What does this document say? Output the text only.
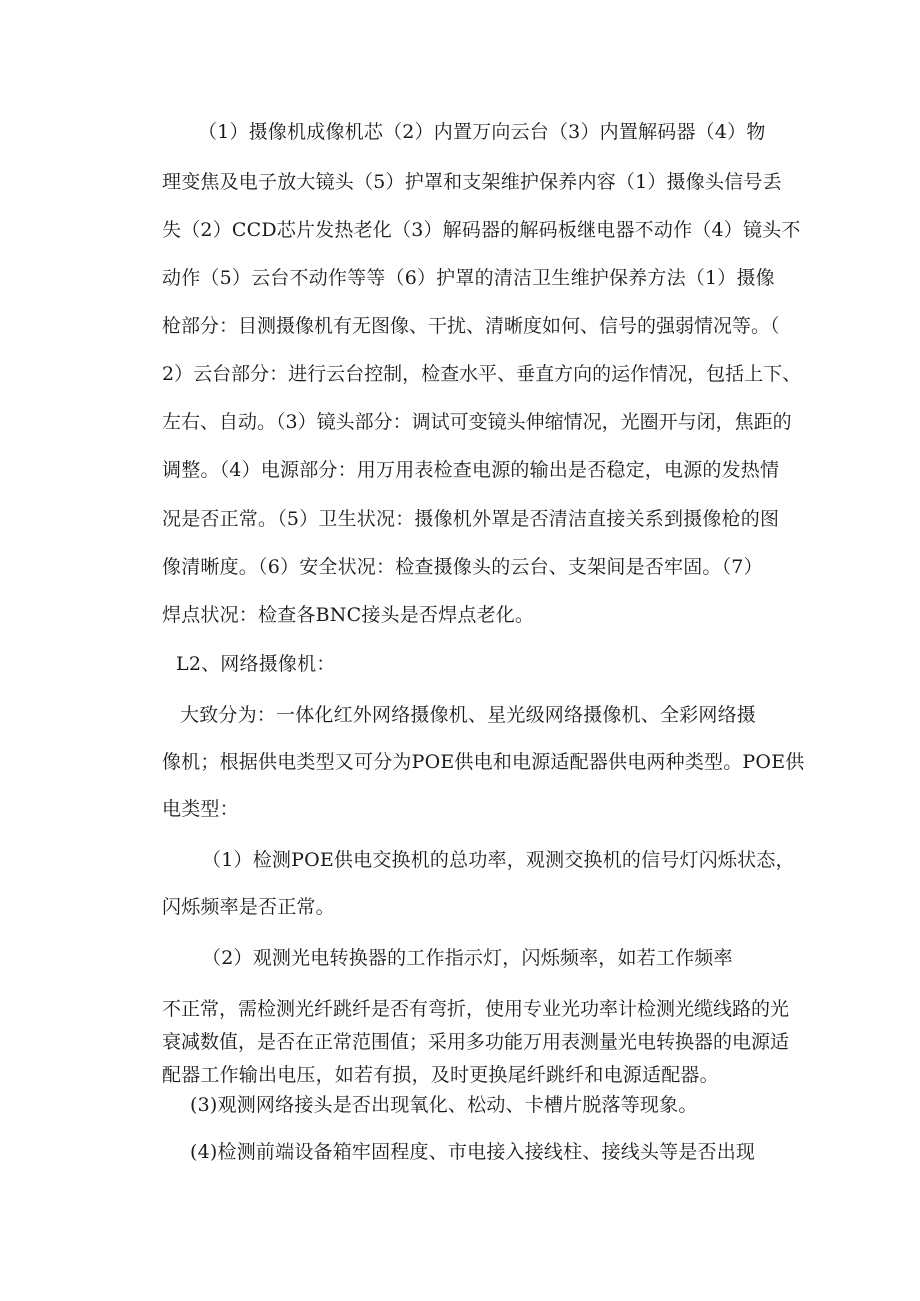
（1）摄像机成像机芯（2）内置万向云台（3）内置解码器（4）物
理变焦及电子放大镜头（5）护罩和支架维护保养内容（1）摄像头信号丢
失（2）CCD芯片发热老化（3）解码器的解码板继电器不动作（4）镜头不
动作（5）云台不动作等等（6）护罩的清洁卫生维护保养方法（1）摄像
枪部分：目测摄像机有无图像、干扰、清晰度如何、信号的强弱情况等。（
2）云台部分：进行云台控制，检查水平、垂直方向的运作情况，包括上下、
左右、自动。（3）镜头部分：调试可变镜头伸缩情况，光圈开与闭，焦距的
调整。（4）电源部分：用万用表检查电源的输出是否稳定，电源的发热情
况是否正常。（5）卫生状况：摄像机外罩是否清洁直接关系到摄像枪的图
像清晰度。（6）安全状况：检查摄像头的云台、支架间是否牢固。（7）
焊点状况：检查各BNC接头是否焊点老化。
L2、网络摄像机：
大致分为：一体化红外网络摄像机、星光级网络摄像机、全彩网络摄
像机；根据供电类型又可分为POE供电和电源适配器供电两种类型。POE供
电类型：
（1）检测POE供电交换机的总功率，观测交换机的信号灯闪烁状态，
闪烁频率是否正常。
（2）观测光电转换器的工作指示灯，闪烁频率，如若工作频率
不正常，需检测光纤跳纤是否有弯折，使用专业光功率计检测光缆线路的光
衰减数值，是否在正常范围值；采用多功能万用表测量光电转换器的电源适
配器工作输出电压，如若有损，及时更换尾纤跳纤和电源适配器。
(3)观测网络接头是否出现氧化、松动、卡槽片脱落等现象。
(4)检测前端设备箱牢固程度、市电接入接线柱、接线头等是否出现
